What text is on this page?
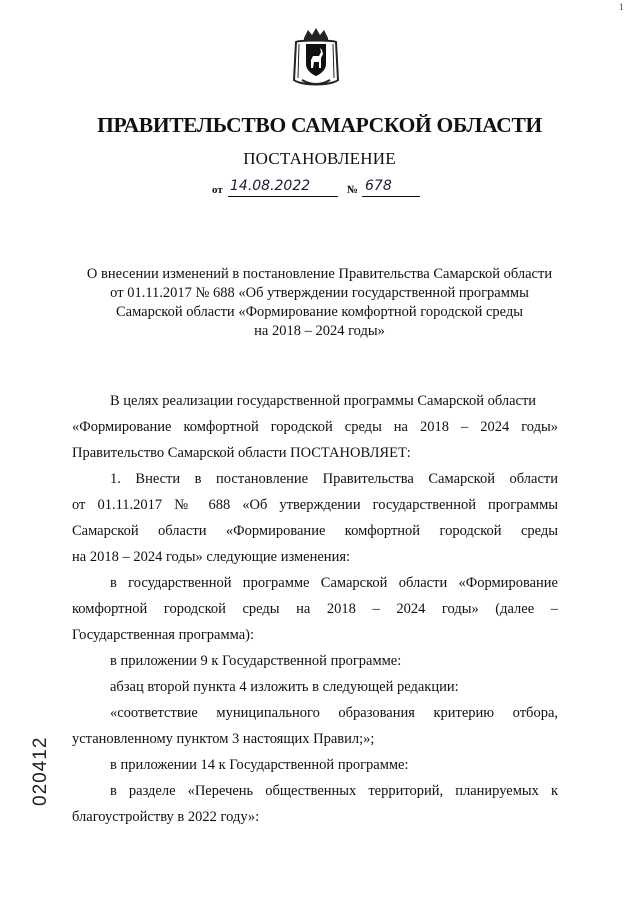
1
ПРАВИТЕЛЬСТВО САМАРСКОЙ ОБЛАСТИ
ПОСТАНОВЛЕНИЕ
от 14.08.2022	№ 678
О внесении изменений в постановление Правительства Самарской области
от 01.11.2017 № 688 «Об утверждении государственной программы
Самарской области «Формирование комфортной городской среды
на 2018 – 2024 годы»
В целях реализации государственной программы Самарской области
«Формирование комфортной городской среды на 2018 – 2024 годы»
Правительство Самарской области ПОСТАНОВЛЯЕТ:
1. Внести в постановление Правительства Самарской области
от 01.11.2017 № 688 «Об утверждении государственной программы
Самарской области «Формирование комфортной городской среды
на 2018 – 2024 годы» следующие изменения:
в государственной программе Самарской области «Формирование
комфортной городской среды на 2018 – 2024 годы» (далее –
Государственная программа):
в приложении 9 к Государственной программе:
абзац второй пункта 4 изложить в следующей редакции:
«соответствие муниципального образования критерию отбора,
установленному пунктом 3 настоящих Правил;»;
в приложении 14 к Государственной программе:
в разделе «Перечень общественных территорий, планируемых к
благоустройству в 2022 году»:
020412
